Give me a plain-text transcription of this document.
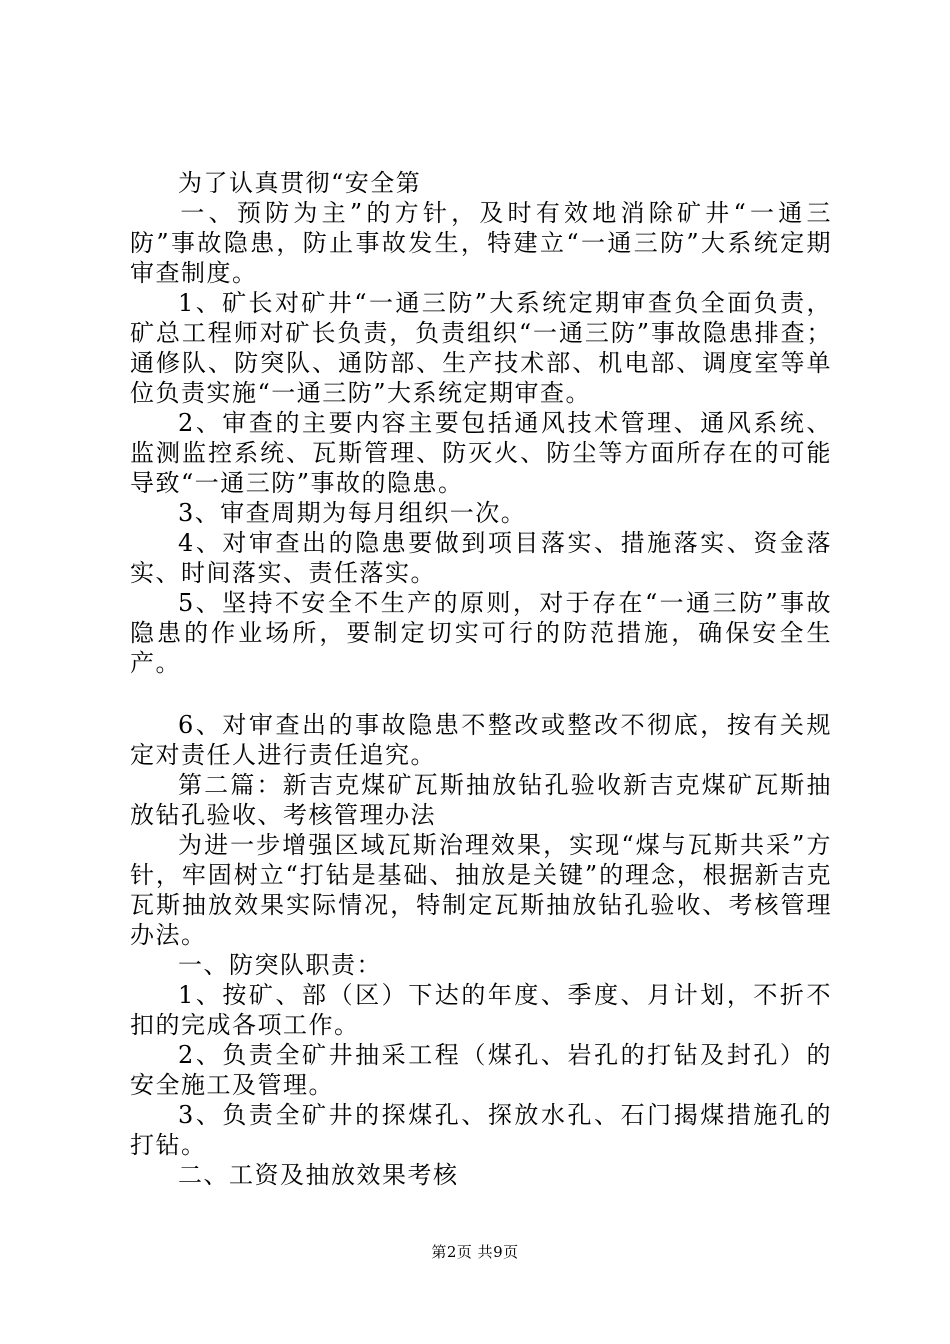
为了认真贯彻“安全第

一、预防为主”的方针，及时有效地消除矿井“一通三防”事故隐患，防止事故发生，特建立“一通三防”大系统定期审查制度。

1、矿长对矿井“一通三防”大系统定期审查负全面负责，矿总工程师对矿长负责，负责组织“一通三防”事故隐患排查；通修队、防突队、通防部、生产技术部、机电部、调度室等单位负责实施“一通三防”大系统定期审查。

2、审查的主要内容主要包括通风技术管理、通风系统、监测监控系统、瓦斯管理、防灭火、防尘等方面所存在的可能导致“一通三防”事故的隐患。

3、审查周期为每月组织一次。

4、对审查出的隐患要做到项目落实、措施落实、资金落实、时间落实、责任落实。

5、坚持不安全不生产的原则，对于存在“一通三防”事故隐患的作业场所，要制定切实可行的防范措施，确保安全生产。

6、对审查出的事故隐患不整改或整改不彻底，按有关规定对责任人进行责任追究。

第二篇：新吉克煤矿瓦斯抽放钻孔验收新吉克煤矿瓦斯抽放钻孔验收、考核管理办法

为进一步增强区域瓦斯治理效果，实现“煤与瓦斯共采”方针，牢固树立“打钻是基础、抽放是关键”的理念，根据新吉克瓦斯抽放效果实际情况，特制定瓦斯抽放钻孔验收、考核管理办法。

一、防突队职责：

1、按矿、部（区）下达的年度、季度、月计划，不折不扣的完成各项工作。

2、负责全矿井抽采工程（煤孔、岩孔的打钻及封孔）的安全施工及管理。

3、负责全矿井的探煤孔、探放水孔、石门揭煤措施孔的打钻。

二、工资及抽放效果考核

第2页 共9页
